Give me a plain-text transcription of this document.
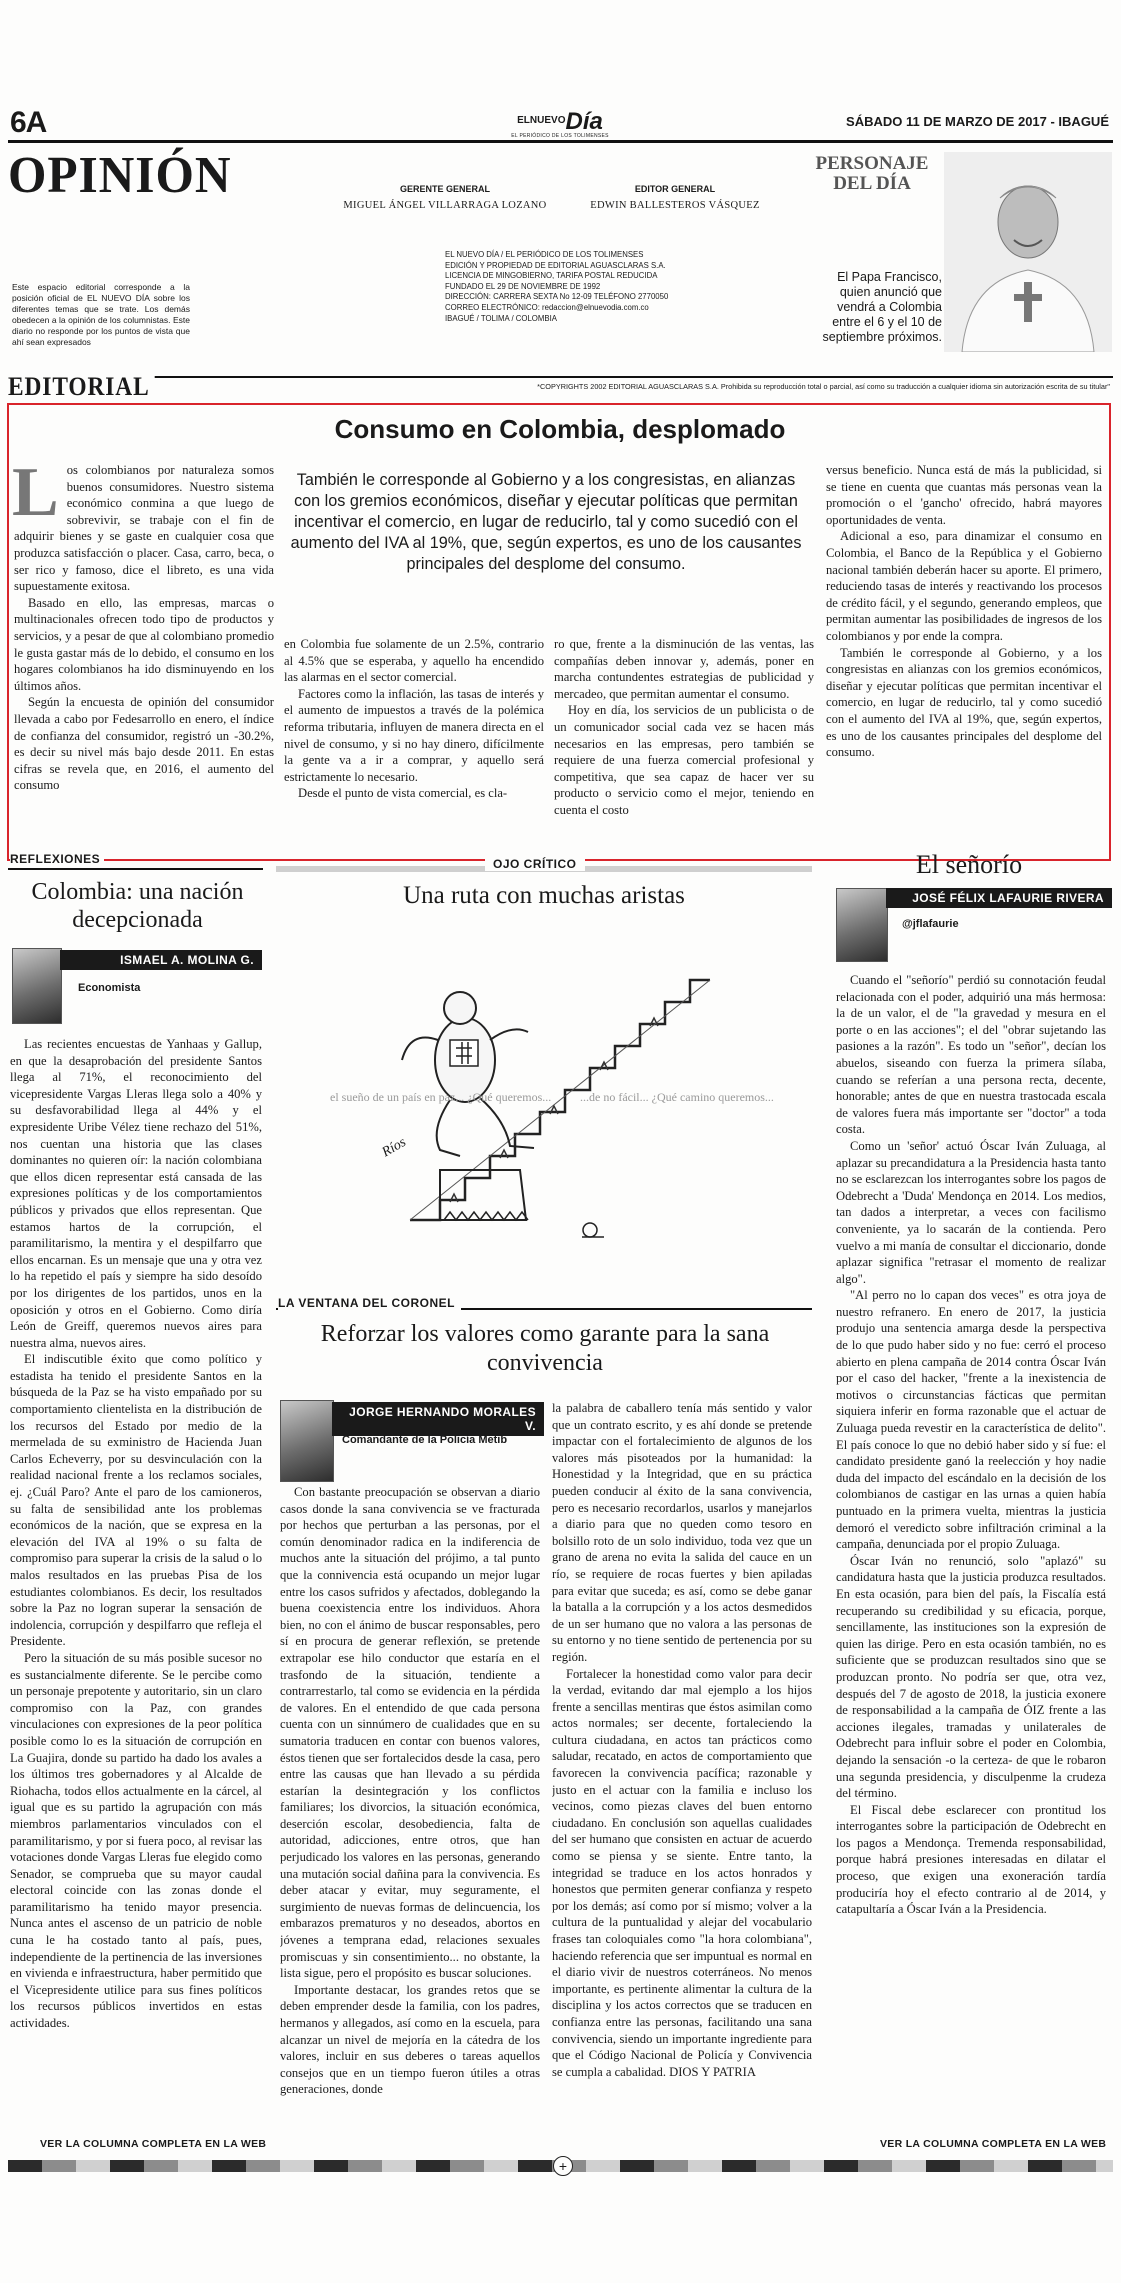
6A	$^{ELNUEVO}$Día
EL PERIÓDICO DE LOS TOLIMENSES
SÁBADO 11 DE MARZO DE 2017 - IBAGUÉ
OPINIÓN
Este espacio editorial corresponde a la posición oficial de EL NUEVO DÍA sobre los diferentes temas que se trate. Los demás obedecen a la opinión de los columnistas. Este diario no responde por los puntos de vista que ahí sean expresados
GERENTE GENERAL
MIGUEL ÁNGEL VILLARRAGA LOZANO
EDITOR GENERAL
EDWIN BALLESTEROS VÁSQUEZ
EL NUEVO DÍA / EL PERIÓDICO DE LOS TOLIMENSES
EDICIÓN Y PROPIEDAD DE EDITORIAL AGUASCLARAS S.A.
LICENCIA DE MINGOBIERNO, TARIFA POSTAL REDUCIDA
FUNDADO EL 29 DE NOVIEMBRE DE 1992
DIRECCIÓN: CARRERA SEXTA No 12-09 TELÉFONO 2770050
CORREO ELECTRÓNICO: redaccion@elnuevodia.com.co
IBAGUÉ / TOLIMA / COLOMBIA
PERSONAJE
DEL DÍA
El Papa Francisco, quien anunció que vendrá a Colombia entre el 6 y el 10 de septiembre próximos.
EDITORIAL	*COPYRIGHTS 2002 EDITORIAL AGUASCLARAS S.A. Prohibida su reproducción total o parcial, así como su traducción a cualquier idioma sin autorización escrita de su titular"
Consumo en Colombia, desplomado
L os colombianos por naturaleza somos buenos consumidores. Nuestro sistema económico conmina a que luego de sobrevivir, se trabaje con el fin de adquirir bienes y se gaste en cualquier cosa que produzca satisfacción o placer. Casa, carro, beca, o ser rico y famoso, dice el libreto, es una vida supuestamente exitosa.

Basado en ello, las empresas, marcas o multinacionales ofrecen todo tipo de productos y servicios, y a pesar de que al colombiano promedio le gusta gastar más de lo debido, el consumo en los hogares colombianos ha ido disminuyendo en los últimos años.

Según la encuesta de opinión del consumidor llevada a cabo por Fedesarrollo en enero, el índice de confianza del consumidor, registró un -30.2%, es decir su nivel más bajo desde 2011. En estas cifras se revela que, en 2016, el aumento del consumo

También le corresponde al Gobierno y a los congresistas, en alianzas con los gremios económicos, diseñar y ejecutar políticas que permitan incentivar el comercio, en lugar de reducirlo, tal y como sucedió con el aumento del IVA al 19%, que, según expertos, es uno de los causantes principales del desplome del consumo.

en Colombia fue solamente de un 2.5%, contrario al 4.5% que se esperaba, y aquello ha encendido las alarmas en el sector comercial.

Factores como la inflación, las tasas de interés y el aumento de impuestos a través de la polémica reforma tributaria, influyen de manera directa en el nivel de consumo, y si no hay dinero, difícilmente la gente va a ir a comprar, y aquello será estrictamente lo necesario.

Desde el punto de vista comercial, es cla-

ro que, frente a la disminución de las ventas, las compañías deben innovar y, además, poner en marcha contundentes estrategias de publicidad y mercadeo, que permitan aumentar el consumo.

Hoy en día, los servicios de un publicista o de un comunicador social cada vez se hacen más necesarios en las empresas, pero también se requiere de una fuerza comercial profesional y competitiva, que sea capaz de hacer ver su producto o servicio como el mejor, teniendo en cuenta el costo

versus beneficio. Nunca está de más la publicidad, si se tiene en cuenta que cuantas más personas vean la promoción o el 'gancho' ofrecido, habrá mayores oportunidades de venta.

Adicional a eso, para dinamizar el consumo en Colombia, el Banco de la República y el Gobierno nacional también deberán hacer su aporte. El primero, reduciendo tasas de interés y reactivando los procesos de crédito fácil, y el segundo, generando empleos, que permitan aumentar las posibilidades de ingresos de los colombianos y por ende la compra.

También le corresponde al Gobierno, y a los congresistas en alianzas con los gremios económicos, diseñar y ejecutar políticas que permitan incentivar el comercio, en lugar de reducirlo, tal y como sucedió con el aumento del IVA al 19%, que, según expertos, es uno de los causantes principales del desplome del consumo.

REFLEXIONES
Colombia: una nación decepcionada
ISMAEL A. MOLINA G.
Economista

Las recientes encuestas de Yanhaas y Gallup, en que la desaprobación del presidente Santos llega al 71%, el reconocimiento del vicepresidente Vargas Lleras llega solo a 40% y su desfavorabilidad llega al 44% y el expresidente Uribe Vélez tiene rechazo del 51%, nos cuentan una historia que las clases dominantes no quieren oír: la nación colombiana que ellos dicen representar está cansada de las expresiones políticas y de los comportamientos públicos y privados que ellos representan. Que estamos hartos de la corrupción, el paramilitarismo, la mentira y el despilfarro que ellos encarnan. Es un mensaje que una y otra vez lo ha repetido el país y siempre ha sido desoído por los dirigentes de los partidos, unos en la oposición y otros en el Gobierno. Como diría León de Greiff, queremos nuevos aires para nuestra alma, nuevos aires.

El indiscutible éxito que como político y estadista ha tenido el presidente Santos en la búsqueda de la Paz se ha visto empañado por su comportamiento clientelista en la distribución de los recursos del Estado por medio de la mermelada de su exministro de Hacienda Juan Carlos Echeverry, por su desvinculación con la realidad nacional frente a los reclamos sociales, ej. ¿Cuál Paro? Ante el paro de los camioneros, su falta de sensibilidad ante los problemas económicos de la nación, que se expresa en la elevación del IVA al 19% o su falta de compromiso para superar la crisis de la salud o lo malos resultados en las pruebas Pisa de los estudiantes colombianos. Es decir, los resultados sobre la Paz no logran superar la sensación de indolencia, corrupción y despilfarro que refleja el Presidente.

Pero la situación de su más posible sucesor no es sustancialmente diferente. Se le percibe como un personaje prepotente y autoritario, sin un claro compromiso con la Paz, con grandes vinculaciones con expresiones de la peor política posible como lo es la situación de corrupción en La Guajira, donde su partido ha dado los avales a los últimos tres gobernadores y al Alcalde de Riohacha, todos ellos actualmente en la cárcel, al igual que es su partido la agrupación con más miembros parlamentarios vinculados con el paramilitarismo, y por si fuera poco, al revisar las votaciones donde Vargas Lleras fue elegido como Senador, se comprueba que su mayor caudal electoral coincide con las zonas donde el paramilitarismo ha tenido mayor presencia. Nunca antes el ascenso de un patricio de noble cuna le ha costado tanto al país, pues, independiente de la pertinencia de las inversiones en vivienda e infraestructura, haber permitido que el Vicepresidente utilice para sus fines políticos los recursos públicos invertidos en estas actividades.

VER LA COLUMNA COMPLETA EN LA WEB
OJO CRÍTICO
Una ruta con muchas aristas
el sueño de un país en paz... ¿Qué queremos... ...de no fácil... ¿Qué camino queremos...
Ríos
LA VENTANA DEL CORONEL
Reforzar los valores como garante para la sana convivencia
JORGE HERNANDO MORALES V.
Comandante de la Policía Metib

Con bastante preocupación se observan a diario casos donde la sana convivencia se ve fracturada por hechos que perturban a las personas, por el común denominador radica en la indiferencia de muchos ante la situación del prójimo, a tal punto que la connivencia está ocupando un mejor lugar entre los casos sufridos y afectados, doblegando la buena coexistencia entre los individuos. Ahora bien, no con el ánimo de buscar responsables, pero sí en procura de generar reflexión, se pretende extrapolar ese hilo conductor que estaría en el trasfondo de la situación, tendiente a contrarrestarlo, tal como se evidencia en la pérdida de valores. En el entendido de que cada persona cuenta con un sinnúmero de cualidades que en su sumatoria traducen en contar con buenos valores, éstos tienen que ser fortalecidos desde la casa, pero entre las causas que han llevado a su pérdida estarían la desintegración y los conflictos familiares; los divorcios, la situación económica, deserción escolar, desobediencia, falta de autoridad, adicciones, entre otros, que han perjudicado los valores en las personas, generando una mutación social dañina para la convivencia. Es deber atacar y evitar, muy seguramente, el surgimiento de nuevas formas de delincuencia, los embarazos prematuros y no deseados, abortos en jóvenes a temprana edad, relaciones sexuales promiscuas y sin consentimiento... no obstante, la lista sigue, pero el propósito es buscar soluciones.

Importante destacar, los grandes retos que se deben emprender desde la familia, con los padres, hermanos y allegados, así como en la escuela, para alcanzar un nivel de mejoría en la cátedra de los valores, incluir en sus deberes o tareas aquellos consejos que en un tiempo fueron útiles a otras generaciones, donde

la palabra de caballero tenía más sentido y valor que un contrato escrito, y es ahí donde se pretende impactar con el fortalecimiento de algunos de los valores más pisoteados por la humanidad: la Honestidad y la Integridad, que en su práctica pueden conducir al éxito de la sana convivencia, pero es necesario recordarlos, usarlos y manejarlos a diario para que no queden como tesoro en bolsillo roto de un solo individuo, toda vez que un grano de arena no evita la salida del cauce en un río, se requiere de rocas fuertes y bien apiladas para evitar que suceda; es así, como se debe ganar la batalla a la corrupción y a los actos desmedidos de un ser humano que no valora a las personas de su entorno y no tiene sentido de pertenencia por su región.

Fortalecer la honestidad como valor para decir la verdad, evitando dar mal ejemplo a los hijos frente a sencillas mentiras que éstos asimilan como actos normales; ser decente, fortaleciendo la cultura ciudadana, en actos tan prácticos como saludar, recatado, en actos de comportamiento que favorecen la convivencia pacífica; razonable y justo en el actuar con la familia e incluso los vecinos, como piezas claves del buen entorno ciudadano. En conclusión son aquellas cualidades del ser humano que consisten en actuar de acuerdo como se piensa y se siente. Entre tanto, la integridad se traduce en los actos honrados y honestos que permiten generar confianza y respeto por los demás; así como por sí mismo; volver a la cultura de la puntualidad y alejar del vocabulario frases tan coloquiales como "la hora colombiana", haciendo referencia que ser impuntual es normal en el diario vivir de nuestros coterráneos. No menos importante, es pertinente alimentar la cultura de la disciplina y los actos correctos que se traducen en confianza entre las personas, facilitando una sana convivencia, siendo un importante ingrediente para que el Código Nacional de Policía y Convivencia se cumpla a cabalidad. DIOS Y PATRIA

El señorío
JOSÉ FÉLIX LAFAURIE RIVERA
@jflafaurie

Cuando el "señorío" perdió su connotación feudal relacionada con el poder, adquirió una más hermosa: la de un valor, el de "la gravedad y mesura en el porte o en las acciones"; el del "obrar sujetando las pasiones a la razón". Es todo un "señor", decían los abuelos, siseando con fuerza la primera sílaba, cuando se referían a una persona recta, decente, honorable; antes de que en nuestra trastocada escala de valores fuera más importante ser "doctor" a toda costa.

Como un 'señor' actuó Óscar Iván Zuluaga, al aplazar su precandidatura a la Presidencia hasta tanto no se esclarezcan los interrogantes sobre los pagos de Odebrecht a 'Duda' Mendonça en 2014. Los medios, tan dados a interpretar, a veces con facilismo conveniente, ya lo sacarán de la contienda. Pero vuelvo a mi manía de consultar el diccionario, donde aplazar significa "retrasar el momento de realizar algo".

"Al perro no lo capan dos veces" es otra joya de nuestro refranero. En enero de 2017, la justicia produjo una sentencia amarga desde la perspectiva de lo que pudo haber sido y no fue: cerró el proceso abierto en plena campaña de 2014 contra Óscar Iván por el caso del hacker, "frente a la inexistencia de motivos o circunstancias fácticas que permitan siquiera inferir en forma razonable que el actuar de Zuluaga pueda revestir en la característica de delito". El país conoce lo que no debió haber sido y sí fue: el candidato presidente ganó la reelección y hoy nadie duda del impacto del escándalo en la decisión de los colombianos de castigar en las urnas a quien había puntuado en la primera vuelta, mientras la justicia demoró el veredicto sobre infiltración criminal a la campaña, denunciada por el propio Zuluaga.

Óscar Iván no renunció, solo "aplazó" su candidatura hasta que la justicia produzca resultados. En esta ocasión, para bien del país, la Fiscalía está recuperando su credibilidad y su eficacia, porque, sencillamente, las instituciones son la expresión de quien las dirige. Pero en esta ocasión también, no es suficiente que se produzcan resultados sino que se produzcan pronto. No podría ser que, otra vez, después del 7 de agosto de 2018, la justicia exonere de responsabilidad a la campaña de ÓIZ frente a las acciones ilegales, tramadas y unilaterales de Odebrecht para influir sobre el poder en Colombia, dejando la sensación -o la certeza- de que le robaron una segunda presidencia, y disculpenme la crudeza del término.

El Fiscal debe esclarecer con prontitud los interrogantes sobre la participación de Odebrecht en los pagos a Mendonça. Tremenda responsabilidad, porque habrá presiones interesadas en dilatar el proceso, que exigen una exoneración tardía produciría hoy el efecto contrario al de 2014, y catapultaría a Óscar Iván a la Presidencia.

VER LA COLUMNA COMPLETA EN LA WEB
+
